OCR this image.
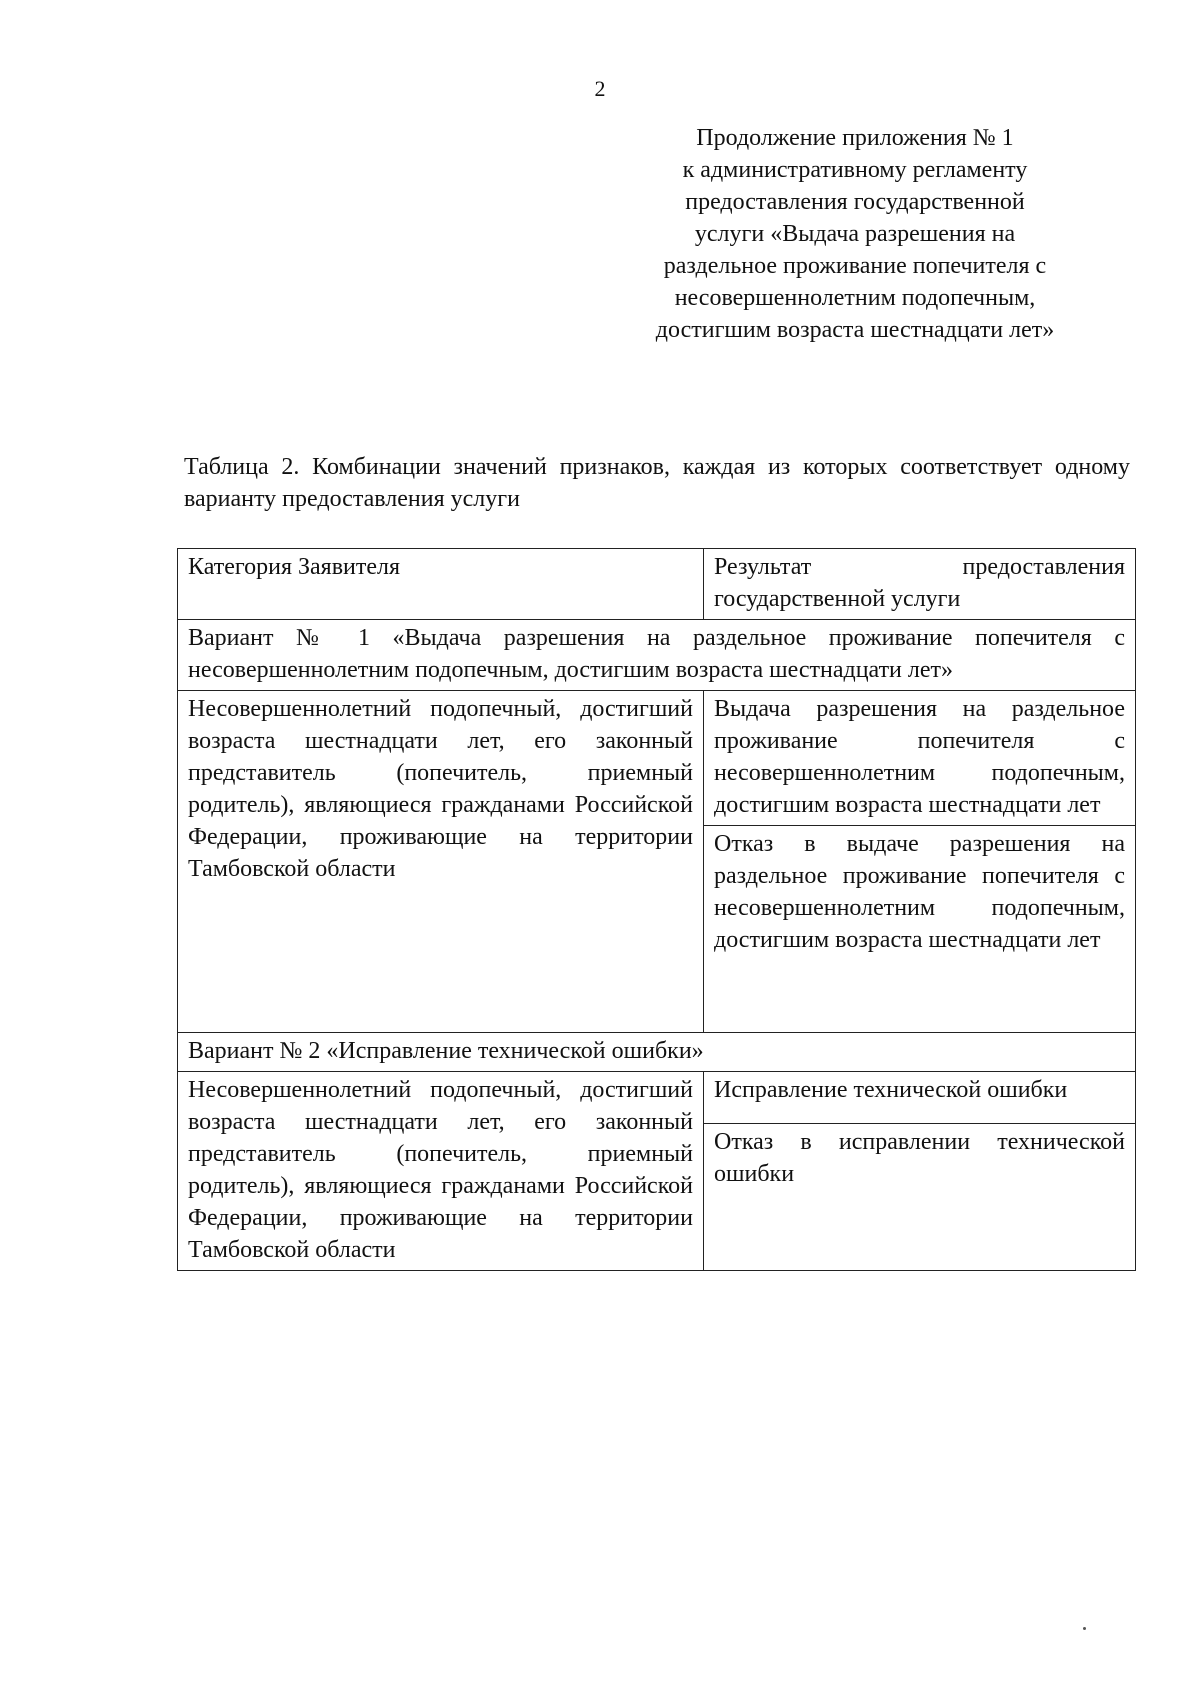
2
Продолжение приложения № 1
к административному регламенту
предоставления государственной
услуги «Выдача разрешения на
раздельное проживание попечителя с
несовершеннолетним подопечным,
достигшим возраста шестнадцати лет»
Таблица 2. Комбинации значений признаков, каждая из которых соответствует одному варианту предоставления услуги
Категория Заявителя	Результат предоставления государственной услуги
Вариант № 1 «Выдача разрешения на раздельное проживание попечителя с несовершеннолетним подопечным, достигшим возраста шестнадцати лет»	
Несовершеннолетний подопечный, достигший возраста шестнадцати лет, его законный представитель (попечитель, приемный родитель), являющиеся гражданами Российской Федерации, проживающие на территории Тамбовской области	Выдача разрешения на раздельное проживание попечителя с несовершеннолетним подопечным, достигшим возраста шестнадцати лет
	Отказ в выдаче разрешения на раздельное проживание попечителя с несовершеннолетним подопечным, достигшим возраста шестнадцати лет
Вариант № 2 «Исправление технической ошибки»	
Несовершеннолетний подопечный, достигший возраста шестнадцати лет, его законный представитель (попечитель, приемный родитель), являющиеся гражданами Российской Федерации, проживающие на территории Тамбовской области	Исправление технической ошибки
	Отказ в исправлении технической ошибки
